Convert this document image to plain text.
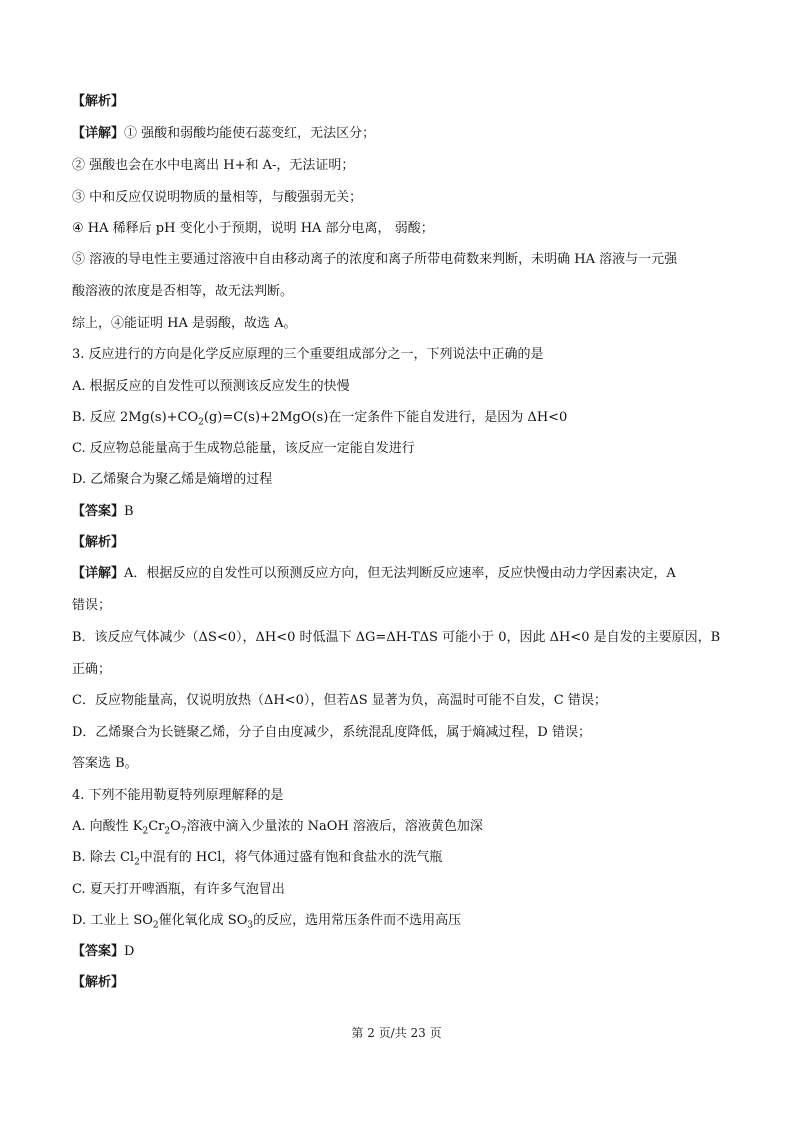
【解析】
【详解】① 强酸和弱酸均能使石蕊变红，无法区分；
② 强酸也会在水中电离出 H+和 A-，无法证明；
③ 中和反应仅说明物质的量相等，与酸强弱无关；
④ HA 稀释后 pH 变化小于预期，说明 HA 部分电离， 弱酸；
⑤ 溶液的导电性主要通过溶液中自由移动离子的浓度和离子所带电荷数来判断，未明确 HA 溶液与一元强
酸溶液的浓度是否相等，故无法判断。
综上，④能证明 HA 是弱酸，故选 A。
3. 反应进行的方向是化学反应原理的三个重要组成部分之一，下列说法中正确的是
A. 根据反应的自发性可以预测该反应发生的快慢
B. 反应 $2Mg(s)+CO_2(g)=C(s)+2MgO(s)$在一定条件下能自发进行，是因为 ΔH<0
C. 反应物总能量高于生成物总能量，该反应一定能自发进行
D. 乙烯聚合为聚乙烯是熵增的过程
【答案】B
【解析】
【详解】A．根据反应的自发性可以预测反应方向，但无法判断反应速率，反应快慢由动力学因素决定，A
错误；
B．该反应气体减少（ΔS<0），ΔH<0 时低温下 ΔG=ΔH-TΔS 可能小于 0，因此 ΔH<0 是自发的主要原因，B
正确；
C．反应物能量高，仅说明放热（ΔH<0），但若ΔS 显著为负，高温时可能不自发，C 错误；
D．乙烯聚合为长链聚乙烯，分子自由度减少，系统混乱度降低，属于熵减过程，D 错误；
答案选 B。
4. 下列不能用勒夏特列原理解释的是
A. 向酸性 $K_2Cr_2O_7$溶液中滴入少量浓的 NaOH 溶液后，溶液黄色加深
B. 除去 $Cl_2$中混有的 HCl，将气体通过盛有饱和食盐水的洗气瓶
C. 夏天打开啤酒瓶，有许多气泡冒出
D. 工业上 $SO_2$催化氧化成 $SO_3$的反应，选用常压条件而不选用高压
【答案】D
【解析】
第 2 页/共 23 页
